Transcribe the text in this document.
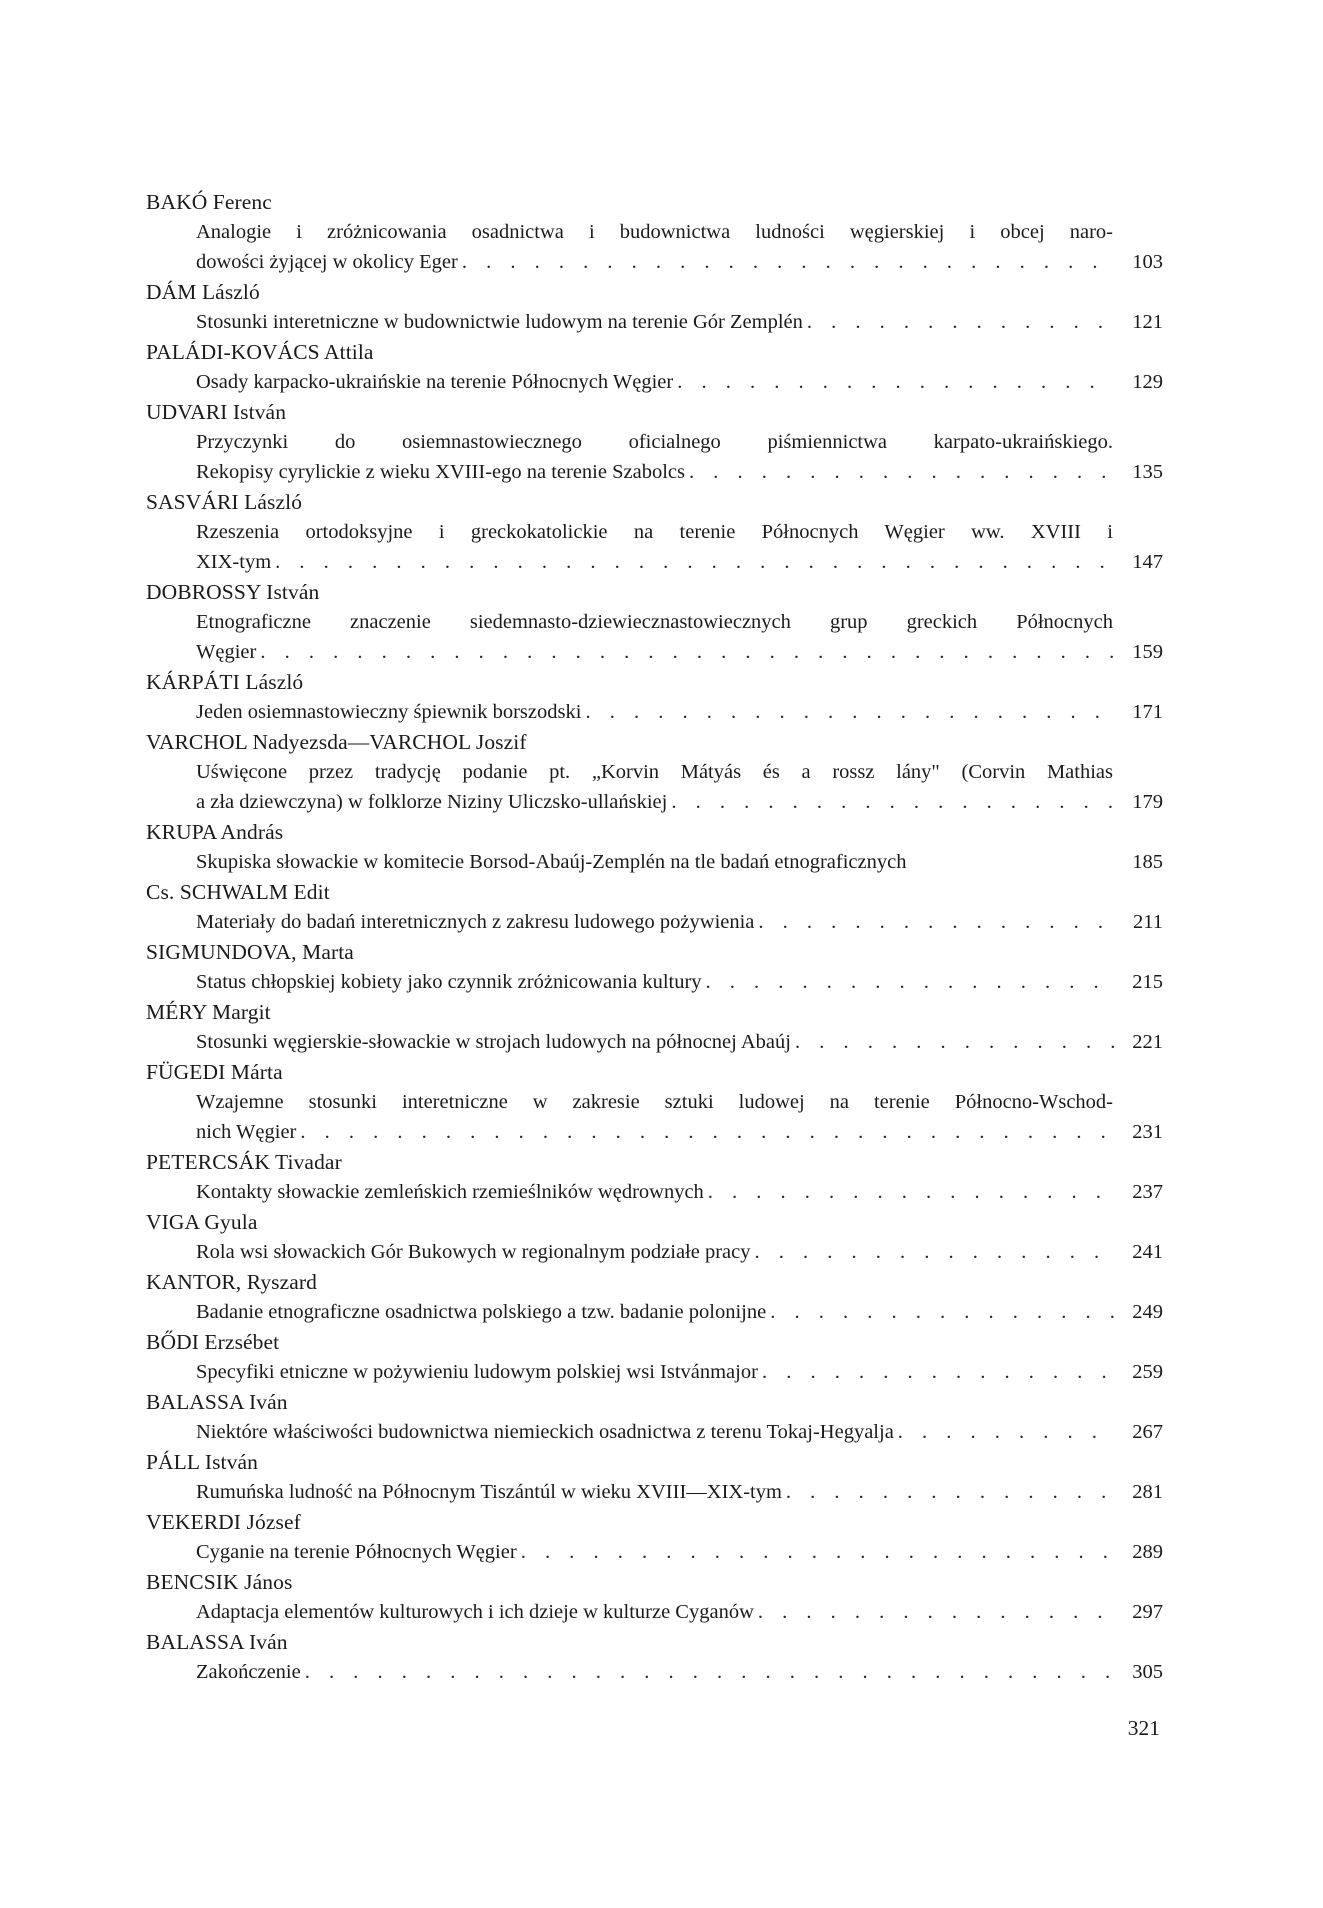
BAKÓ Ferenc
Analogie i zróżnicowania osadnictwa i budownictwa ludności węgierskiej i obcej naro-
dowości żyjącej w okolicy Eger . . .	103
DÁM László
Stosunki interetniczne w budownictwie ludowym na terenie Gór Zemplén . . .	121
PALÁDI-KOVÁCS Attila
Osady karpacko-ukraińskie na terenie Północnych Węgier . . .	129
UDVARI István
Przyczynki do osiemnastowiecznego oficialnego piśmiennictwa karpato-ukraińskiego.
Rekopisy cyrylickie z wieku XVIII-ego na terenie Szabolcs . . .	135
SASVÁRI László
Rzeszenia ortodoksyjne i greckokatolickie na terenie Północnych Węgier ww. XVIII i
XIX-tym . . .	147
DOBROSSY István
Etnograficzne znaczenie siedemnasto-dziewiecznastowiecznych grup greckich Północnych
Węgier . . .	159
KÁRPÁTI László
Jeden osiemnastowieczny śpiewnik borszodski . . .	171
VARCHOL Nadyezsda—VARCHOL Joszif
Uświęcone przez tradycję podanie pt. „Korvin Mátyás és a rossz lány" (Corvin Mathias
a zła dziewczyna) w folklorze Niziny Uliczsko-ullańskiej . . .	179
KRUPA András
Skupiska słowackie w komitecie Borsod-Abaúj-Zemplén na tle badań etnograficznych	185
Cs. SCHWALM Edit
Materiały do badań interetnicznych z zakresu ludowego pożywienia . . .	211
SIGMUNDOVA, Marta
Status chłopskiej kobiety jako czynnik zróżnicowania kultury . . .	215
MÉRY Margit
Stosunki węgierskie-słowackie w strojach ludowych na północnej Abaúj . . .	221
FÜGEDI Márta
Wzajemne stosunki interetniczne w zakresie sztuki ludowej na terenie Północno-Wschod-
nich Węgier . . .	231
PETERCSÁK Tivadar
Kontakty słowackie zemleńskich rzemieślników wędrownych . . .	237
VIGA Gyula
Rola wsi słowackich Gór Bukowych w regionalnym podziałe pracy . . .	241
KANTOR, Ryszard
Badanie etnograficzne osadnictwa polskiego a tzw. badanie polonijne . . .	249
BŐDI Erzsébet
Specyfiki etniczne w pożywieniu ludowym polskiej wsi Istvánmajor . . .	259
BALASSA Iván
Niektóre właściwości budownictwa niemieckich osadnictwa z terenu Tokaj-Hegyalja . . .	267
PÁLL István
Rumuńska ludność na Północnym Tiszántúl w wieku XVIII—XIX-tym . . .	281
VEKERDI József
Cyganie na terenie Północnych Węgier . . .	289
BENCSIK János
Adaptacja elementów kulturowych i ich dzieje w kulturze Cyganów . . .	297
BALASSA Iván
Zakończenie . . .	305
321
